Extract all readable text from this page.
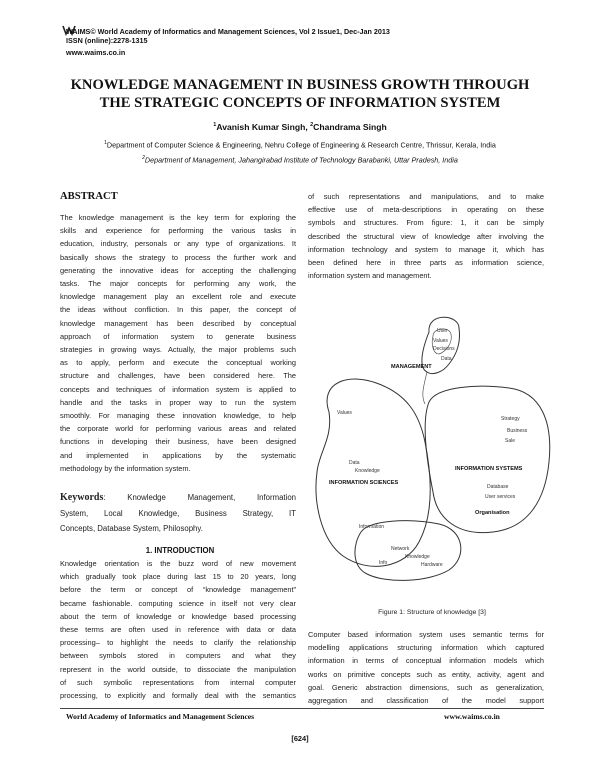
WAIMS© World Academy of Informatics and Management Sciences, Vol 2 Issue1, Dec-Jan 2013
ISSN (online):2278-1315
www.waims.co.in
KNOWLEDGE MANAGEMENT IN BUSINESS GROWTH THROUGH
THE STRATEGIC CONCEPTS OF INFORMATION SYSTEM
$^1$Avanish Kumar Singh, $^2$Chandrama Singh
$^1$Department of Computer Science & Engineering, Nehru College of Engineering & Research Centre, Thrissur, Kerala, India
$^2$Department of Management, Jahangirabad Institute of Technology Barabanki, Uttar Pradesh, India
ABSTRACT
The knowledge management is the key term for exploring the
skills and experience for performing the various tasks in
education, industry, personals or any type of organizations. It
basically shows the strategy to process the further work and
generating the innovative ideas for accepting the challenging
tasks. The major concepts for performing any work, the
knowledge management play an excellent role and execute
the ideas without confliction. In this paper, the concept of
knowledge management has been described by conceptual
approach of information system to generate business
strategies in growing ways. Actually, the major problems such
as to apply, perform and execute the conceptual working
structure and challenges, have been considered here. The
concepts and techniques of information system is applied to
handle and the tasks in proper way to run the system
smoothly. For managing these innovation knowledge, to help
the corporate world for performing various areas and related
functions in developing their business, have been designed
and implemented in applications by the systematic
methodology by the information system.
Keywords:	Knowledge Management, Information
System, Local Knowledge, Business Strategy, IT
Concepts, Database System, Philosophy.
1. INTRODUCTION
Knowledge orientation is the buzz word of new movement
which gradually took place during last 15 to 20 years, long
before the term or concept of “knowledge management”
became fashionable. computing science in itself not very clear
about the term of knowledge or knowledge based processing
these terms are often used in reference with data or data
processing– to highlight the needs to clarify the relationship
between symbols stored in computers and what they
represent in the world outside, to dissociate the manipulation
of such symbolic representations from internal computer
processing, to explicitly and formally deal with the semantics
of such representations and manipulations, and to make
effective use of meta-descriptions in operating on these
symbols and structures. From figure: 1, it can be simply
described the structural view of knowledge after involving the
information technology and system to manage it, which has
been defined here in three parts as information science,
information system and management.
MANAGEMENT
User
Values
Decisions
Data
Strategy
Business
Sale
INFORMATION SYSTEMS
Database
User services
Organisation
Values
Data
Knowledge
INFORMATION SCIENCES
Information
Network
Knowledge
Hardware
Info
Figure 1: Structure of knowledge [3]
Computer based information system uses semantic terms for
modelling applications structuring information which captured
information in terms of conceptual information models which
works on primitive concepts such as entity, activity, agent and
goal. Generic abstraction dimensions, such as generalization,
aggregation and classification of the model support
World Academy of Informatics and Management Sciences	www.waims.co.in
[624]
